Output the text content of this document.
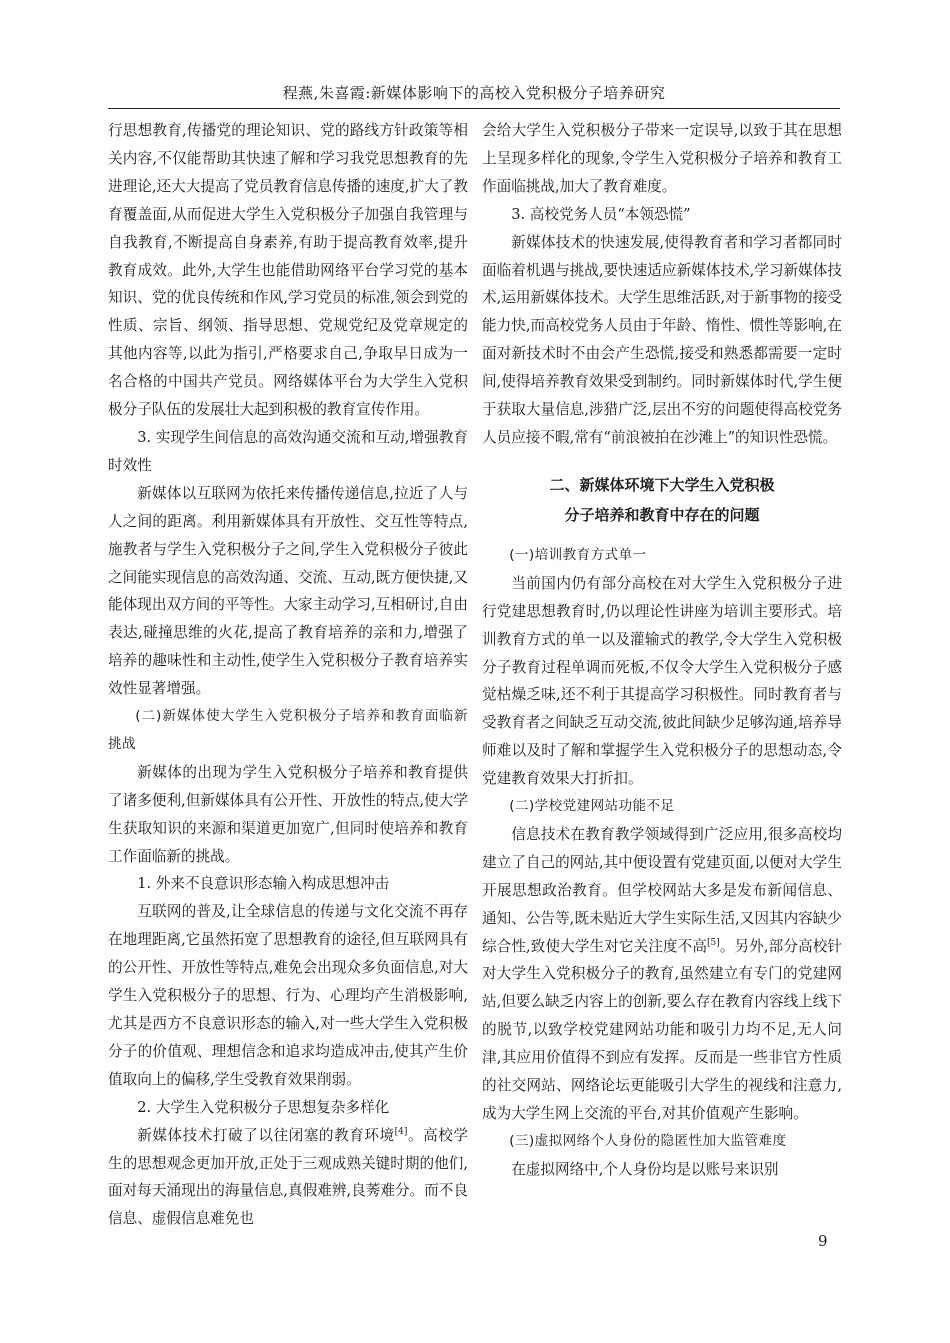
程燕,朱喜霞:新媒体影响下的高校入党积极分子培养研究

行思想教育,传播党的理论知识、党的路线方针政策等相关内容,不仅能帮助其快速了解和学习我党思想教育的先进理论,还大大提高了党员教育信息传播的速度,扩大了教育覆盖面,从而促进大学生入党积极分子加强自我管理与自我教育,不断提高自身素养,有助于提高教育效率,提升教育成效。此外,大学生也能借助网络平台学习党的基本知识、党的优良传统和作风,学习党员的标准,领会到党的性质、宗旨、纲领、指导思想、党规党纪及党章规定的其他内容等,以此为指引,严格要求自己,争取早日成为一名合格的中国共产党员。网络媒体平台为大学生入党积极分子队伍的发展壮大起到积极的教育宣传作用。

3. 实现学生间信息的高效沟通交流和互动,增强教育时效性

新媒体以互联网为依托来传播传递信息,拉近了人与人之间的距离。利用新媒体具有开放性、交互性等特点,施教者与学生入党积极分子之间,学生入党积极分子彼此之间能实现信息的高效沟通、交流、互动,既方便快捷,又能体现出双方间的平等性。大家主动学习,互相研讨,自由表达,碰撞思维的火花,提高了教育培养的亲和力,增强了培养的趣味性和主动性,使学生入党积极分子教育培养实效性显著增强。

(二)新媒体使大学生入党积极分子培养和教育面临新挑战

新媒体的出现为学生入党积极分子培养和教育提供了诸多便利,但新媒体具有公开性、开放性的特点,使大学生获取知识的来源和渠道更加宽广,但同时使培养和教育工作面临新的挑战。

1. 外来不良意识形态输入构成思想冲击

互联网的普及,让全球信息的传递与文化交流不再存在地理距离,它虽然拓宽了思想教育的途径,但互联网具有的公开性、开放性等特点,难免会出现众多负面信息,对大学生入党积极分子的思想、行为、心理均产生消极影响,尤其是西方不良意识形态的输入,对一些大学生入党积极分子的价值观、理想信念和追求均造成冲击,使其产生价值取向上的偏移,学生受教育效果削弱。

2. 大学生入党积极分子思想复杂多样化

新媒体技术打破了以往闭塞的教育环境[4]。高校学生的思想观念更加开放,正处于三观成熟关键时期的他们,面对每天涌现出的海量信息,真假难辨,良莠难分。而不良信息、虚假信息难免也

会给大学生入党积极分子带来一定误导,以致于其在思想上呈现多样化的现象,令学生入党积极分子培养和教育工作面临挑战,加大了教育难度。

3. 高校党务人员“本领恐慌”

新媒体技术的快速发展,使得教育者和学习者都同时面临着机遇与挑战,要快速适应新媒体技术,学习新媒体技术,运用新媒体技术。大学生思维活跃,对于新事物的接受能力快,而高校党务人员由于年龄、惰性、惯性等影响,在面对新技术时不由会产生恐慌,接受和熟悉都需要一定时间,使得培养教育效果受到制约。同时新媒体时代,学生便于获取大量信息,涉猎广泛,层出不穷的问题使得高校党务人员应接不暇,常有“前浪被拍在沙滩上”的知识性恐慌。

二、新媒体环境下大学生入党积极
分子培养和教育中存在的问题

(一)培训教育方式单一

当前国内仍有部分高校在对大学生入党积极分子进行党建思想教育时,仍以理论性讲座为培训主要形式。培训教育方式的单一以及灌输式的教学,令大学生入党积极分子教育过程单调而死板,不仅令大学生入党积极分子感觉枯燥乏味,还不利于其提高学习积极性。同时教育者与受教育者之间缺乏互动交流,彼此间缺少足够沟通,培养导师难以及时了解和掌握学生入党积极分子的思想动态,令党建教育效果大打折扣。

(二)学校党建网站功能不足

信息技术在教育教学领域得到广泛应用,很多高校均建立了自己的网站,其中便设置有党建页面,以便对大学生开展思想政治教育。但学校网站大多是发布新闻信息、通知、公告等,既未贴近大学生实际生活,又因其内容缺少综合性,致使大学生对它关注度不高[5]。另外,部分高校针对大学生入党积极分子的教育,虽然建立有专门的党建网站,但要么缺乏内容上的创新,要么存在教育内容线上线下的脱节,以致学校党建网站功能和吸引力均不足,无人问津,其应用价值得不到应有发挥。反而是一些非官方性质的社交网站、网络论坛更能吸引大学生的视线和注意力,成为大学生网上交流的平台,对其价值观产生影响。

(三)虚拟网络个人身份的隐匿性加大监管难度

在虚拟网络中,个人身份均是以账号来识别

9
